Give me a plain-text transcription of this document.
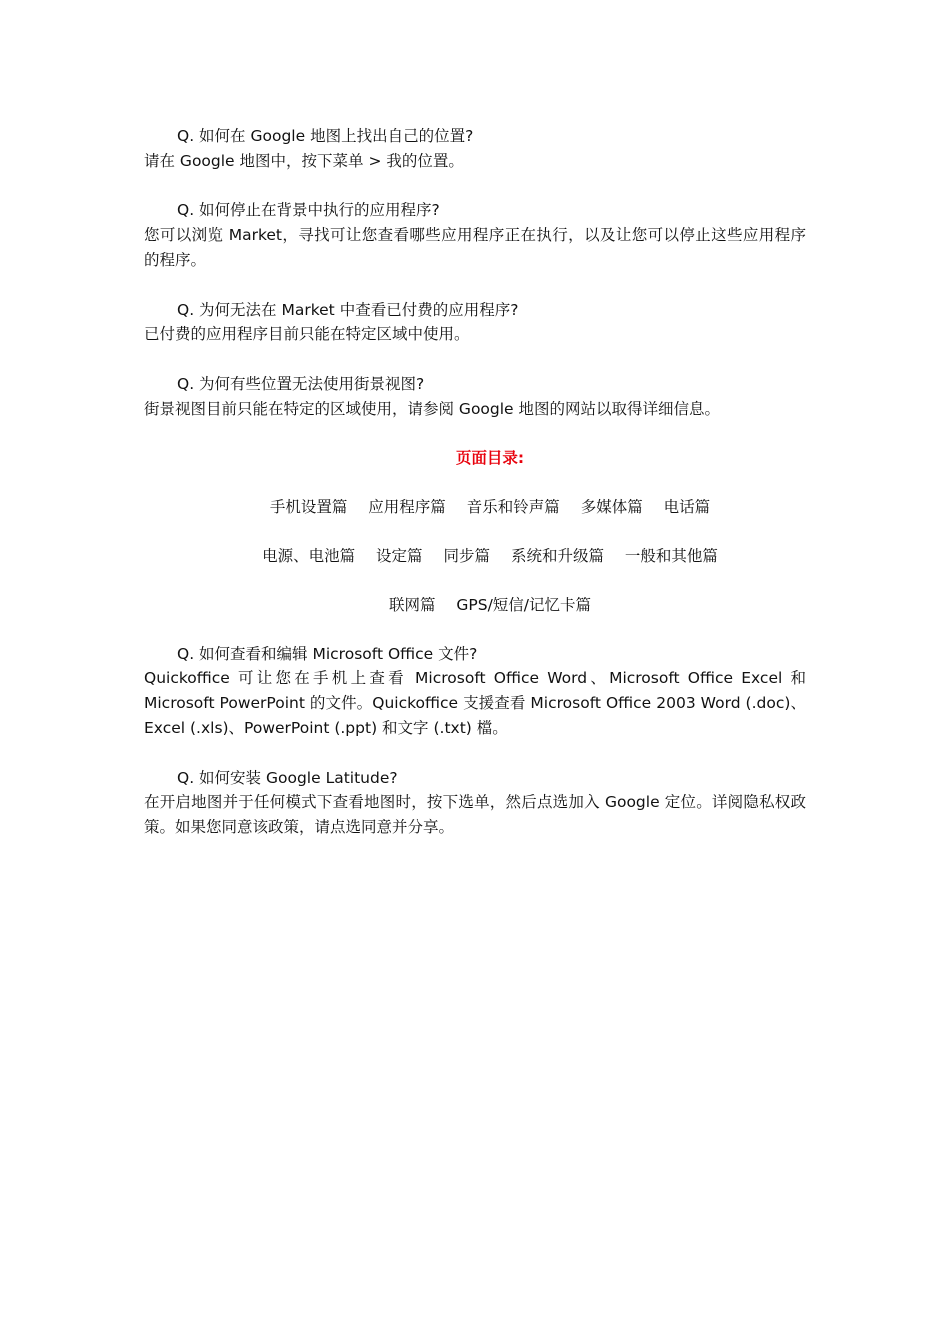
Q. 如何在 Google 地图上找出自己的位置?

请在 Google 地图中，按下菜单 > 我的位置。

Q. 如何停止在背景中执行的应用程序?

您可以浏览 Market，寻找可让您查看哪些应用程序正在执行，以及让您可以停止这些应用程序的程序。

Q. 为何无法在 Market 中查看已付费的应用程序?

已付费的应用程序目前只能在特定区域中使用。

Q. 为何有些位置无法使用街景视图?

街景视图目前只能在特定的区域使用，请参阅 Google 地图的网站以取得详细信息。

页面目录:

手机设置篇 应用程序篇 音乐和铃声篇 多媒体篇 电话篇

电源、电池篇 设定篇 同步篇 系统和升级篇 一般和其他篇

联网篇 GPS/短信/记忆卡篇

Q. 如何查看和编辑 Microsoft Office 文件?

Quickoffice 可让您在手机上查看 Microsoft Office Word、Microsoft Office Excel 和 Microsoft PowerPoint 的文件。Quickoffice 支援查看 Microsoft Office 2003 Word (.doc)、Excel (.xls)、PowerPoint (.ppt) 和文字 (.txt) 檔。

Q. 如何安装 Google Latitude?

在开启地图并于任何模式下查看地图时，按下选单，然后点选加入 Google 定位。详阅隐私权政策。如果您同意该政策，请点选同意并分享。
